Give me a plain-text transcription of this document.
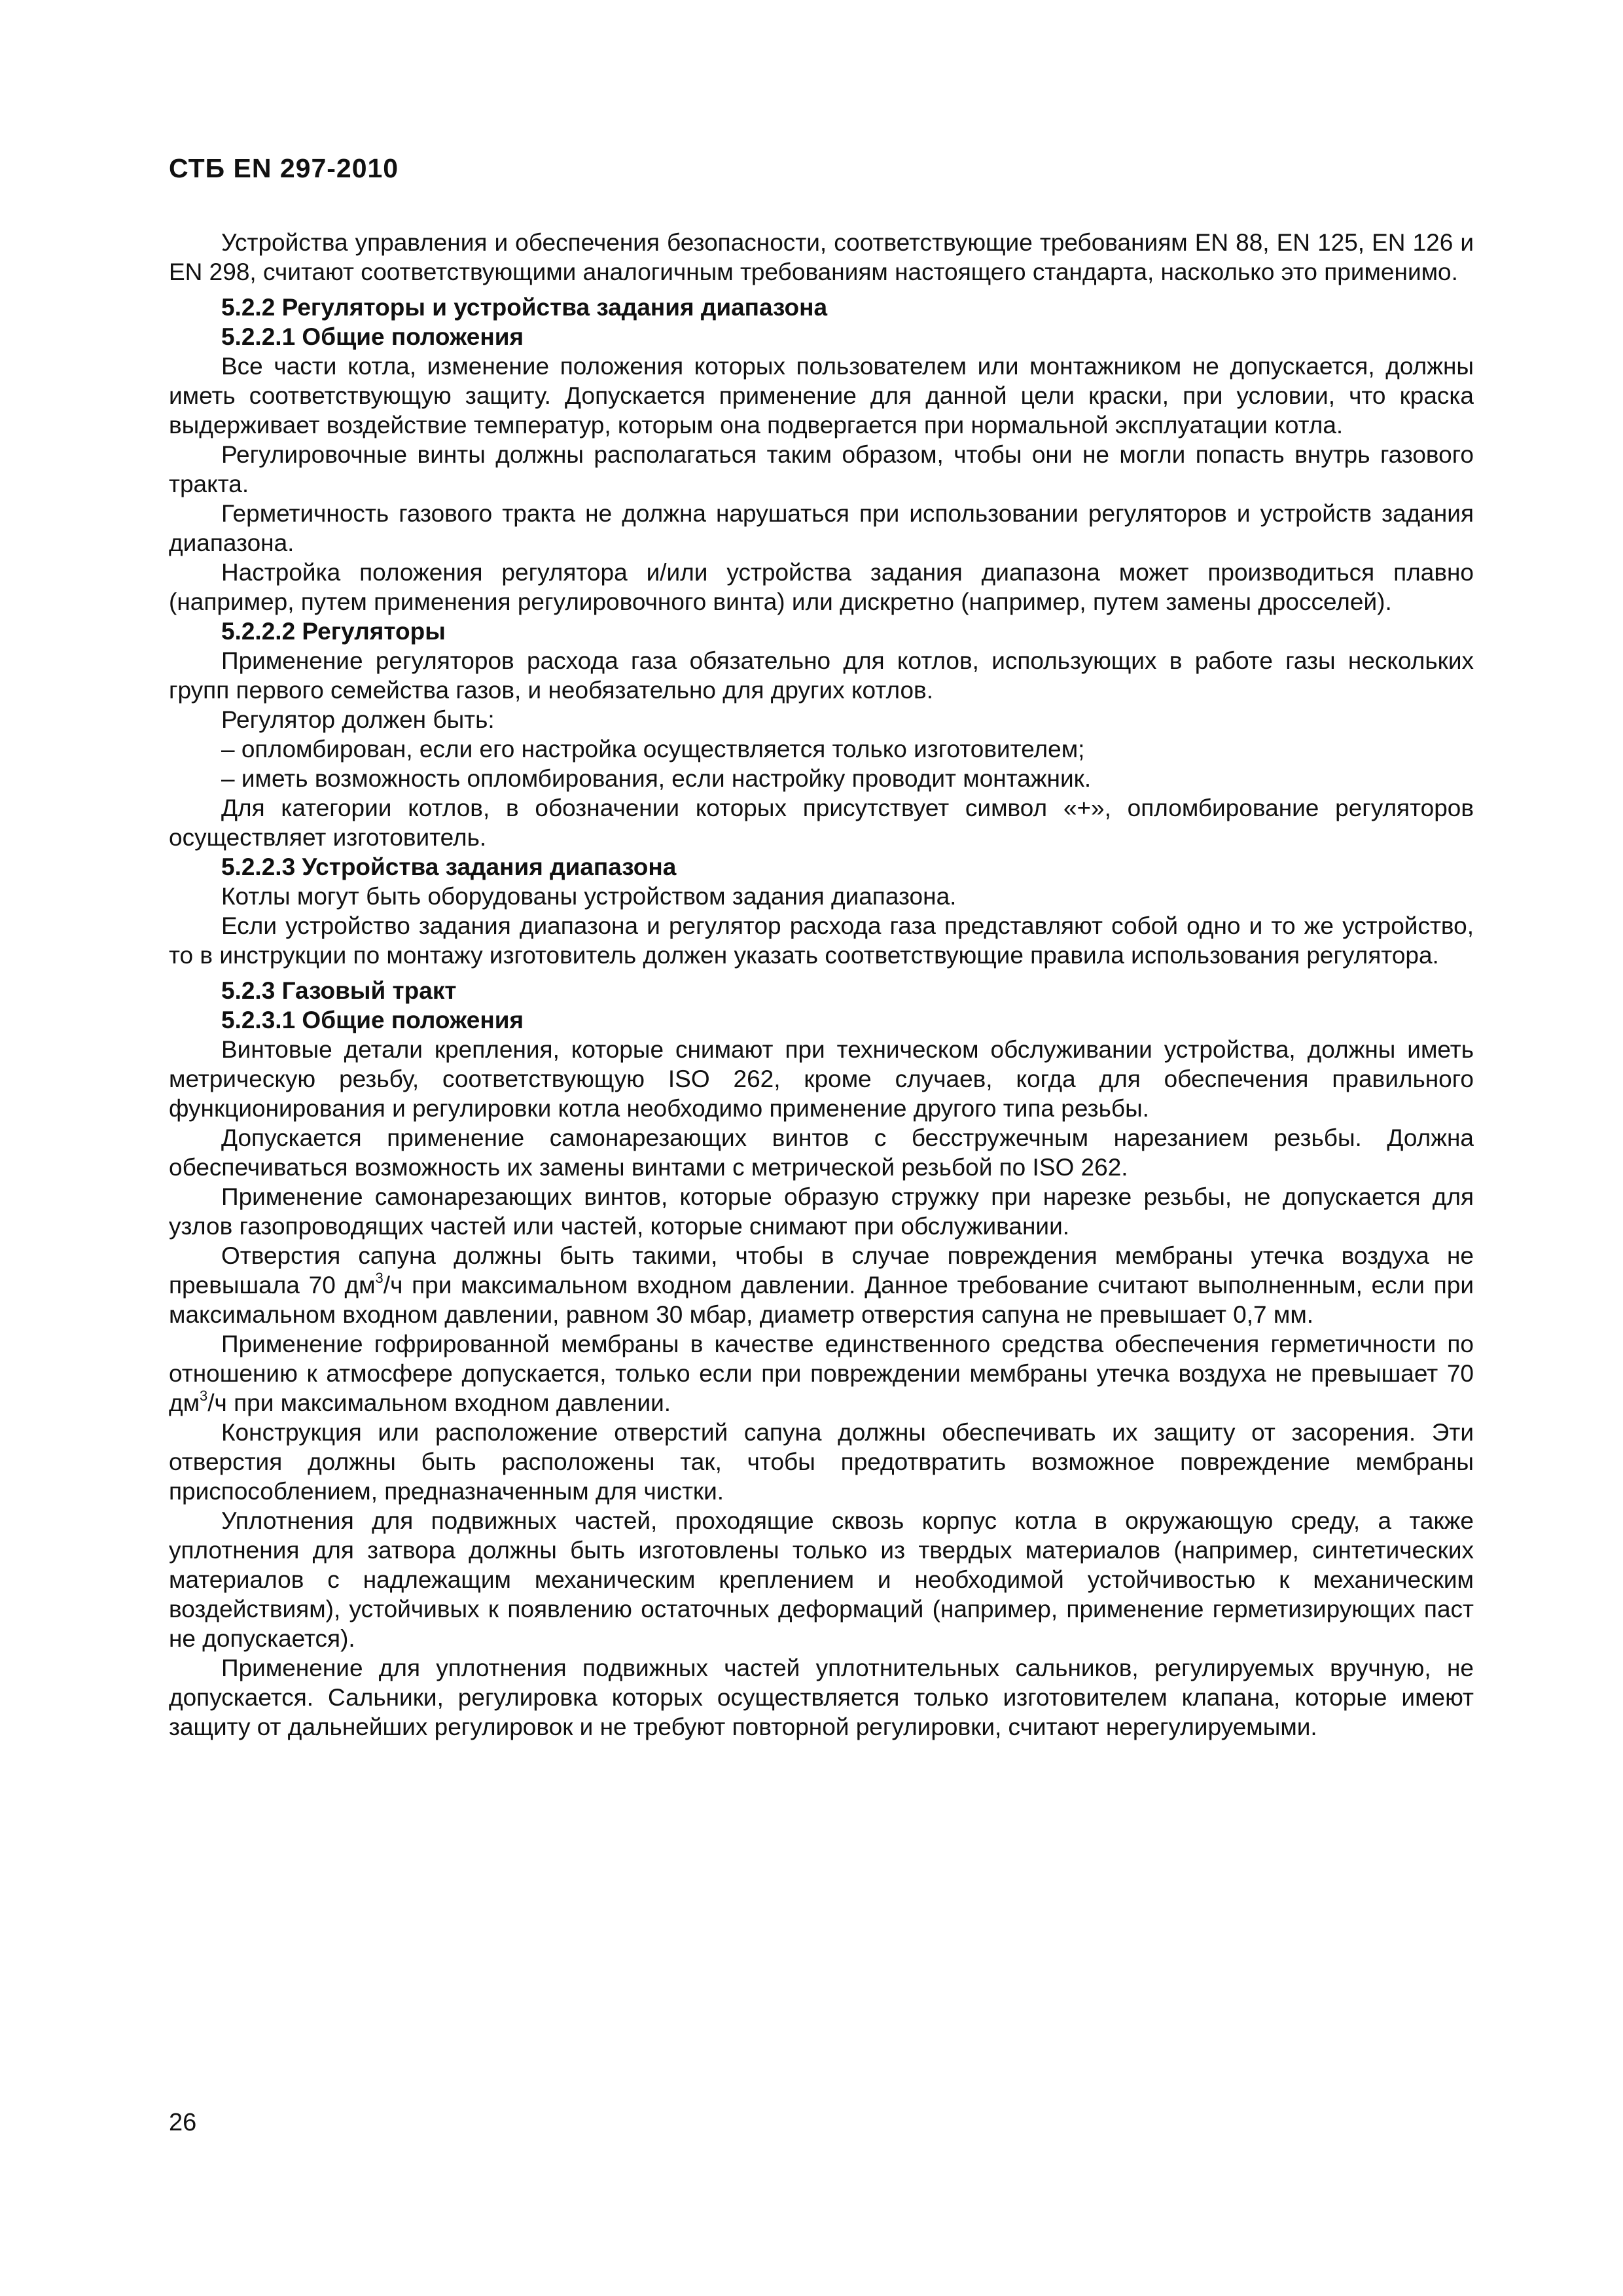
СТБ EN 297-2010

Устройства управления и обеспечения безопасности, соответствующие требованиям EN 88, EN 125, EN 126 и EN 298, считают соответствующими аналогичным требованиям настоящего стандарта, насколько это применимо.

5.2.2 Регуляторы и устройства задания диапазона

5.2.2.1 Общие положения

Все части котла, изменение положения которых пользователем или монтажником не допускается, должны иметь соответствующую защиту. Допускается применение для данной цели краски, при условии, что краска выдерживает воздействие температур, которым она подвергается при нормальной эксплуатации котла.

Регулировочные винты должны располагаться таким образом, чтобы они не могли попасть внутрь газового тракта.

Герметичность газового тракта не должна нарушаться при использовании регуляторов и устройств задания диапазона.

Настройка положения регулятора и/или устройства задания диапазона может производиться плавно (например, путем применения регулировочного винта) или дискретно (например, путем замены дросселей).

5.2.2.2 Регуляторы

Применение регуляторов расхода газа обязательно для котлов, использующих в работе газы нескольких групп первого семейства газов, и необязательно для других котлов.

Регулятор должен быть:

– опломбирован, если его настройка осуществляется только изготовителем;

– иметь возможность опломбирования, если настройку проводит монтажник.

Для категории котлов, в обозначении которых присутствует символ «+», опломбирование регуляторов осуществляет изготовитель.

5.2.2.3 Устройства задания диапазона

Котлы могут быть оборудованы устройством задания диапазона.

Если устройство задания диапазона и регулятор расхода газа представляют собой одно и то же устройство, то в инструкции по монтажу изготовитель должен указать соответствующие правила использования регулятора.

5.2.3 Газовый тракт

5.2.3.1 Общие положения

Винтовые детали крепления, которые снимают при техническом обслуживании устройства, должны иметь метрическую резьбу, соответствующую ISO 262, кроме случаев, когда для обеспечения правильного функционирования и регулировки котла необходимо применение другого типа резьбы.

Допускается применение самонарезающих винтов с бесстружечным нарезанием резьбы. Должна обеспечиваться возможность их замены винтами с метрической резьбой по ISO 262.

Применение самонарезающих винтов, которые образую стружку при нарезке резьбы, не допускается для узлов газопроводящих частей или частей, которые снимают при обслуживании.

Отверстия сапуна должны быть такими, чтобы в случае повреждения мембраны утечка воздуха не превышала 70 $дм^3/ч$ при максимальном входном давлении. Данное требование считают выполненным, если при максимальном входном давлении, равном 30 мбар, диаметр отверстия сапуна не превышает 0,7 мм.

Применение гофрированной мембраны в качестве единственного средства обеспечения герметичности по отношению к атмосфере допускается, только если при повреждении мембраны утечка воздуха не превышает 70 $дм^3/ч$ при максимальном входном давлении.

Конструкция или расположение отверстий сапуна должны обеспечивать их защиту от засорения. Эти отверстия должны быть расположены так, чтобы предотвратить возможное повреждение мембраны приспособлением, предназначенным для чистки.

Уплотнения для подвижных частей, проходящие сквозь корпус котла в окружающую среду, а также уплотнения для затвора должны быть изготовлены только из твердых материалов (например, синтетических материалов с надлежащим механическим креплением и необходимой устойчивостью к механическим воздействиям), устойчивых к появлению остаточных деформаций (например, применение герметизирующих паст не допускается).

Применение для уплотнения подвижных частей уплотнительных сальников, регулируемых вручную, не допускается. Сальники, регулировка которых осуществляется только изготовителем клапана, которые имеют защиту от дальнейших регулировок и не требуют повторной регулировки, считают нерегулируемыми.

26
